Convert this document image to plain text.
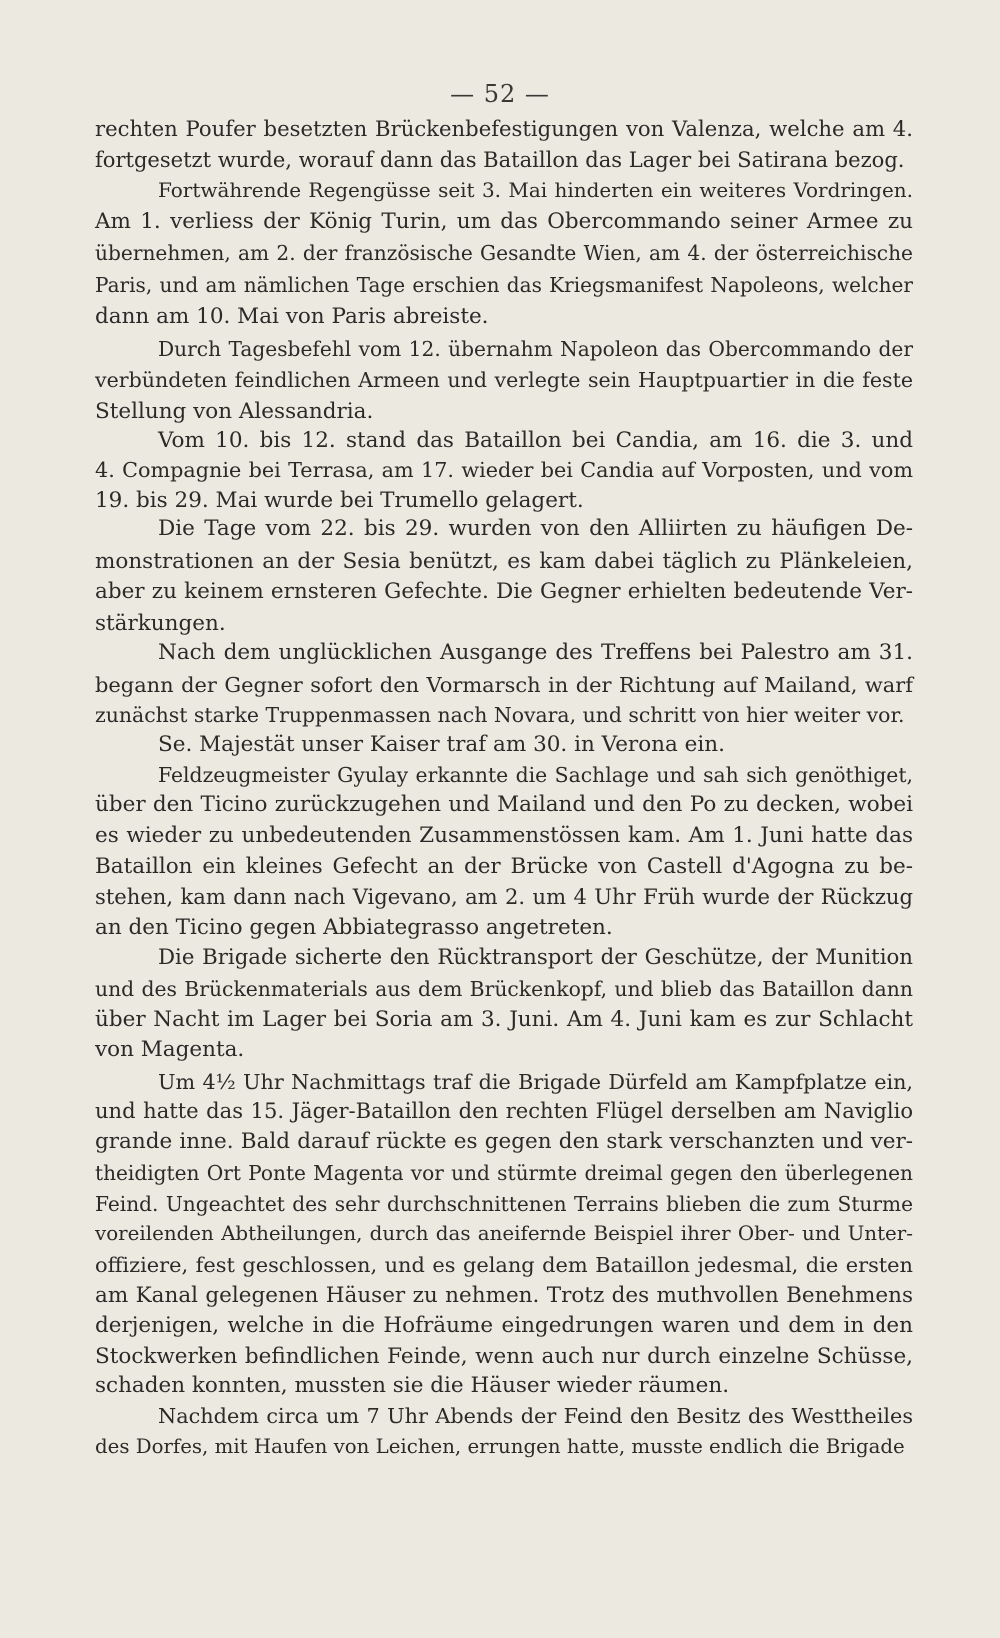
— 52 —
rechten Poufer besetzten Brückenbefestigungen von Valenza, welche am 4.
fortgesetzt wurde, worauf dann das Bataillon das Lager bei Satirana bezog.
Fortwährende Regengüsse seit 3. Mai hinderten ein weiteres Vordringen.
Am 1. verliess der König Turin, um das Obercommando seiner Armee zu
übernehmen, am 2. der französische Gesandte Wien, am 4. der österreichische
Paris, und am nämlichen Tage erschien das Kriegsmanifest Napoleons, welcher
dann am 10. Mai von Paris abreiste.
Durch Tagesbefehl vom 12. übernahm Napoleon das Obercommando der
verbündeten feindlichen Armeen und verlegte sein Hauptpuartier in die feste
Stellung von Alessandria.
Vom 10. bis 12. stand das Bataillon bei Candia, am 16. die 3. und
4. Compagnie bei Terrasa, am 17. wieder bei Candia auf Vorposten, und vom
19. bis 29. Mai wurde bei Trumello gelagert.
Die Tage vom 22. bis 29. wurden von den Alliirten zu häufigen De-
monstrationen an der Sesia benützt, es kam dabei täglich zu Plänkeleien,
aber zu keinem ernsteren Gefechte. Die Gegner erhielten bedeutende Ver-
stärkungen.
Nach dem unglücklichen Ausgange des Treffens bei Palestro am 31.
begann der Gegner sofort den Vormarsch in der Richtung auf Mailand, warf
zunächst starke Truppenmassen nach Novara, und schritt von hier weiter vor.
Se. Majestät unser Kaiser traf am 30. in Verona ein.
Feldzeugmeister Gyulay erkannte die Sachlage und sah sich genöthiget,
über den Ticino zurückzugehen und Mailand und den Po zu decken, wobei
es wieder zu unbedeutenden Zusammenstössen kam. Am 1. Juni hatte das
Bataillon ein kleines Gefecht an der Brücke von Castell d'Agogna zu be-
stehen, kam dann nach Vigevano, am 2. um 4 Uhr Früh wurde der Rückzug
an den Ticino gegen Abbiategrasso angetreten.
Die Brigade sicherte den Rücktransport der Geschütze, der Munition
und des Brückenmaterials aus dem Brückenkopf, und blieb das Bataillon dann
über Nacht im Lager bei Soria am 3. Juni. Am 4. Juni kam es zur Schlacht
von Magenta.
Um 4½ Uhr Nachmittags traf die Brigade Dürfeld am Kampfplatze ein,
und hatte das 15. Jäger-Bataillon den rechten Flügel derselben am Naviglio
grande inne. Bald darauf rückte es gegen den stark verschanzten und ver-
theidigten Ort Ponte Magenta vor und stürmte dreimal gegen den überlegenen
Feind. Ungeachtet des sehr durchschnittenen Terrains blieben die zum Sturme
voreilenden Abtheilungen, durch das aneifernde Beispiel ihrer Ober- und Unter-
offiziere, fest geschlossen, und es gelang dem Bataillon jedesmal, die ersten
am Kanal gelegenen Häuser zu nehmen. Trotz des muthvollen Benehmens
derjenigen, welche in die Hofräume eingedrungen waren und dem in den
Stockwerken befindlichen Feinde, wenn auch nur durch einzelne Schüsse,
schaden konnten, mussten sie die Häuser wieder räumen.
Nachdem circa um 7 Uhr Abends der Feind den Besitz des Westtheiles
des Dorfes, mit Haufen von Leichen, errungen hatte, musste endlich die Brigade
